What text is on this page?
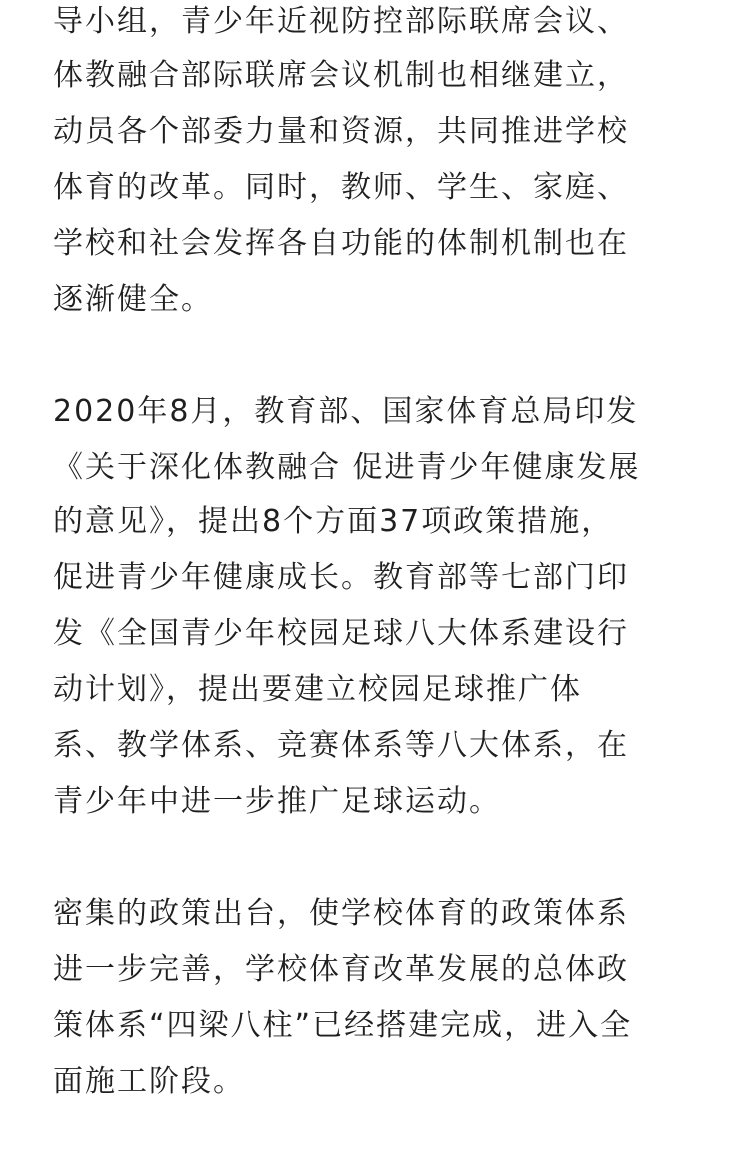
导小组，青少年近视防控部际联席会议、
体教融合部际联席会议机制也相继建立，
动员各个部委力量和资源，共同推进学校
体育的改革。同时，教师、学生、家庭、
学校和社会发挥各自功能的体制机制也在
逐渐健全。
2020年8月，教育部、国家体育总局印发
《关于深化体教融合 促进青少年健康发展
的意见》，提出8个方面37项政策措施，
促进青少年健康成长。教育部等七部门印
发《全国青少年校园足球八大体系建设行
动计划》，提出要建立校园足球推广体
系、教学体系、竞赛体系等八大体系，在
青少年中进一步推广足球运动。
密集的政策出台，使学校体育的政策体系
进一步完善，学校体育改革发展的总体政
策体系“四梁八柱”已经搭建完成，进入全
面施工阶段。
